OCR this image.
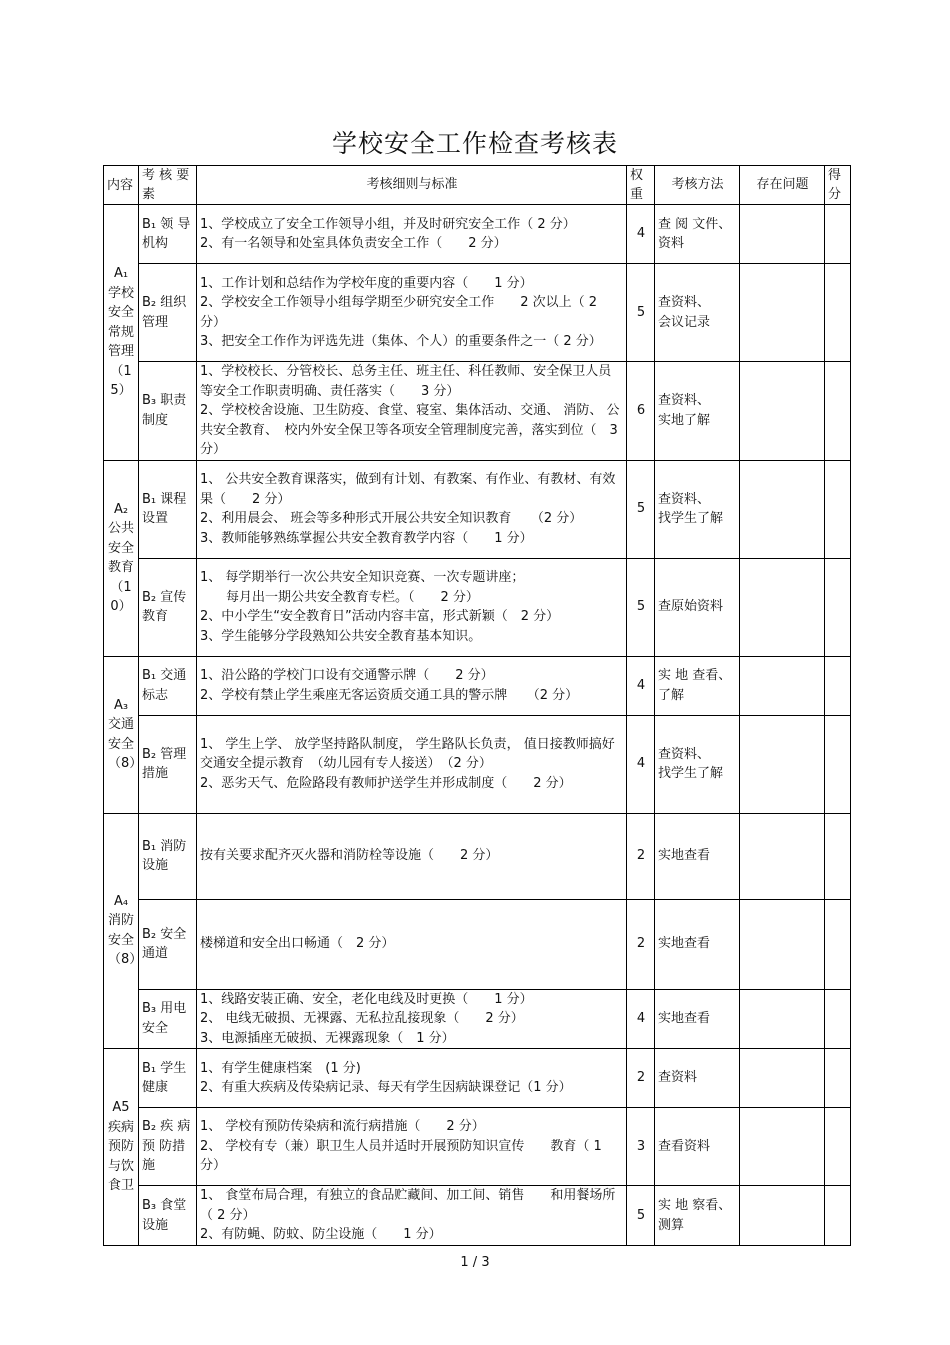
学校安全工作检查考核表
内容	考 核 要素	考核细则与标准	权重	考核方法	存在问题	得分
A₁学校安全常规管理（15）	B₁ 领 导机构	1、学校成立了安全工作领导小组，并及时研究安全工作（ 2 分）
2、有一名领导和处室具体负责安全工作（　　2 分）	4	查 阅 文件、资料		
	B₂ 组织管理	1、工作计划和总结作为学校年度的重要内容（　　1 分）
2、学校安全工作领导小组每学期至少研究安全工作　　2 次以上（ 2 分）
3、把安全工作作为评选先进（集体、个人）的重要条件之一（ 2 分）	5	查资料、
会议记录		
	B₃ 职责制度	1、学校校长、分管校长、总务主任、班主任、科任教师、安全保卫人员等安全工作职责明确、责任落实（　　3 分）
2、学校校舍设施、卫生防疫、食堂、寝室、集体活动、交通、 消防、 公共安全教育、　校内外安全保卫等各项安全管理制度完善，落实到位（　3 分）	6	查资料、
实地了解		
A₂公共安全教育（10）	B₁ 课程设置	1、 公共安全教育课落实，做到有计划、有教案、有作业、有教材、有效果（　　2 分）
2、利用晨会、 班会等多种形式开展公共安全知识教育　　（2 分）
3、教师能够熟练掌握公共安全教育教学内容（　　1 分）	5	查资料、
找学生了解		
	B₂ 宣传教育	1、 每学期举行一次公共安全知识竞赛、一次专题讲座；
　　每月出一期公共安全教育专栏。（　　2 分）
2、中小学生“安全教育日”活动内容丰富，形式新颖（　2 分）
3、学生能够分学段熟知公共安全教育基本知识。	5	查原始资料		
A₃交通安全（8）	B₁ 交通标志	1、沿公路的学校门口设有交通警示牌（　　2 分）
2、学校有禁止学生乘座无客运资质交通工具的警示牌　　（2 分）	4	实 地 查看、了解		
	B₂ 管理措施	1、 学生上学、 放学坚持路队制度， 学生路队长负责， 值日接教师搞好交通安全提示教育　（幼儿园有专人接送）　（2 分）
2、恶劣天气、危险路段有教师护送学生并形成制度（　　2 分）	4	查资料、
找学生了解		
A₄消防安全（8）	B₁ 消防设施	按有关要求配齐灭火器和消防栓等设施（　　2 分）	2	实地查看		
	B₂ 安全通道	楼梯道和安全出口畅通（　2 分）	2	实地查看		
	B₃ 用电安全	1、线路安装正确、安全，老化电线及时更换（　　1 分）
2、 电线无破损、无裸露、无私拉乱接现象（　　2 分）
3、电源插座无破损、无裸露现象（　1 分）	4	实地查看		
A5疾病预防与饮食卫	B₁ 学生健康	1、有学生健康档案　(1 分)
2、有重大疾病及传染病记录、每天有学生因病缺课登记（1 分）	2	查资料		
	B₂ 疾 病预 防措施	1、 学校有预防传染病和流行病措施（　　2 分）
2、 学校有专（兼）职卫生人员并适时开展预防知识宣传　　教育（ 1 分）	3	查看资料		
	B₃ 食堂设施	1、 食堂布局合理，有独立的食品贮藏间、加工间、销售　　和用餐场所（ 2 分）
2、有防蝇、防蚊、防尘设施（　　1 分）	5	实 地 察看、测算		
1 / 3
